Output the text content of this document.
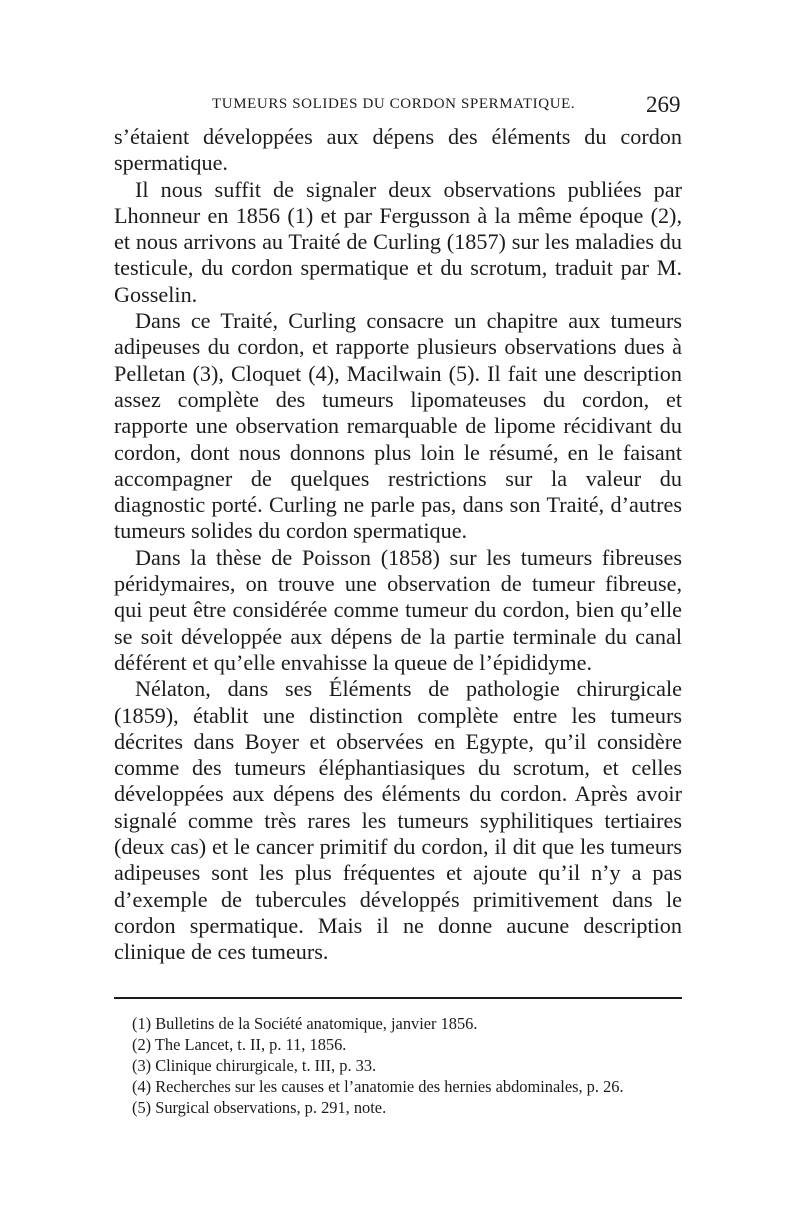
TUMEURS SOLIDES DU CORDON SPERMATIQUE.	269

s’étaient développées aux dépens des éléments du cordon spermatique.

Il nous suffit de signaler deux observations publiées par Lhonneur en 1856 (1) et par Fergusson à la même époque (2), et nous arrivons au Traité de Curling (1857) sur les maladies du testicule, du cordon spermatique et du scrotum, traduit par M. Gosselin.

Dans ce Traité, Curling consacre un chapitre aux tumeurs adipeuses du cordon, et rapporte plusieurs observations dues à Pelletan (3), Cloquet (4), Macilwain (5). Il fait une description assez complète des tumeurs lipomateuses du cordon, et rapporte une observation remarquable de lipome récidivant du cordon, dont nous donnons plus loin le résumé, en le faisant accompagner de quelques restrictions sur la valeur du diagnostic porté. Curling ne parle pas, dans son Traité, d’autres tumeurs solides du cordon spermatique.

Dans la thèse de Poisson (1858) sur les tumeurs fibreuses péridymaires, on trouve une observation de tumeur fibreuse, qui peut être considérée comme tumeur du cordon, bien qu’elle se soit développée aux dépens de la partie terminale du canal déférent et qu’elle envahisse la queue de l’épididyme.

Nélaton, dans ses Éléments de pathologie chirurgicale (1859), établit une distinction complète entre les tumeurs décrites dans Boyer et observées en Egypte, qu’il considère comme des tumeurs éléphantiasiques du scrotum, et celles développées aux dépens des éléments du cordon. Après avoir signalé comme très rares les tumeurs syphilitiques tertiaires (deux cas) et le cancer primitif du cordon, il dit que les tumeurs adipeuses sont les plus fréquentes et ajoute qu’il n’y a pas d’exemple de tubercules développés primitivement dans le cordon spermatique. Mais il ne donne aucune description clinique de ces tumeurs.

(1) Bulletins de la Société anatomique, janvier 1856.
(2) The Lancet, t. II, p. 11, 1856.
(3) Clinique chirurgicale, t. III, p. 33.
(4) Recherches sur les causes et l’anatomie des hernies abdominales, p. 26.
(5) Surgical observations, p. 291, note.
